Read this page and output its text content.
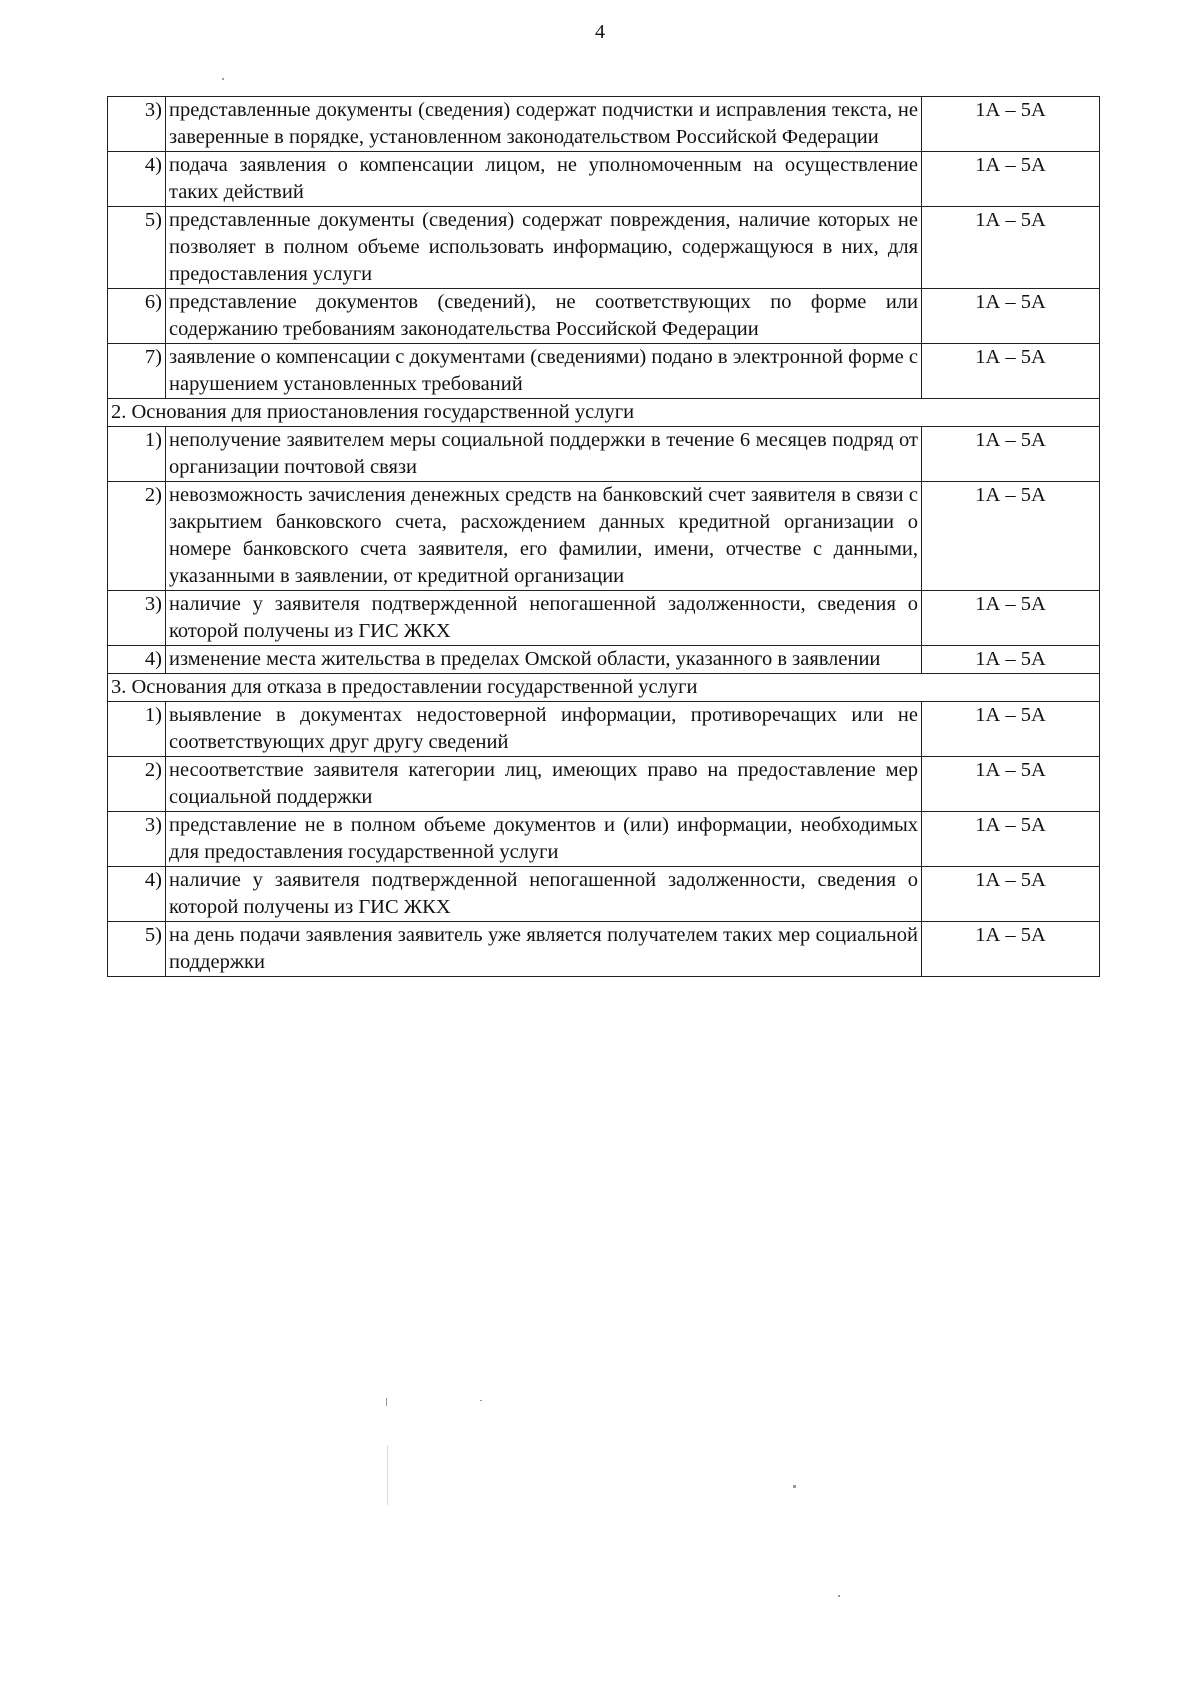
4
3)	представленные документы (сведения) содержат подчистки и исправления текста, не заверенные в порядке, установленном законодательством Российской Федерации	1А – 5А
4)	подача заявления о компенсации лицом, не уполномоченным на осуществление таких действий	1А – 5А
5)	представленные документы (сведения) содержат повреждения, наличие которых не позволяет в полном объеме использовать информацию, содержащуюся в них, для предоставления услуги	1А – 5А
6)	представление документов (сведений), не соответствующих по форме или содержанию требованиям законодательства Российской Федерации	1А – 5А
7)	заявление о компенсации с документами (сведениями) подано в электронной форме с нарушением установленных требований	1А – 5А
2. Основания для приостановления государственной услуги		
1)	неполучение заявителем меры социальной поддержки в течение 6 месяцев подряд от организации почтовой связи	1А – 5А
2)	невозможность зачисления денежных средств на банковский счет заявителя в связи с закрытием банковского счета, расхождением данных кредитной организации о номере банковского счета заявителя, его фамилии, имени, отчестве с данными, указанными в заявлении, от кредитной организации	1А – 5А
3)	наличие у заявителя подтвержденной непогашенной задолженности, сведения о которой получены из ГИС ЖКХ	1А – 5А
4)	изменение места жительства в пределах Омской области, указанного в заявлении	1А – 5А
3. Основания для отказа в предоставлении государственной услуги		
1)	выявление в документах недостоверной информации, противоречащих или не соответствующих друг другу сведений	1А – 5А
2)	несоответствие заявителя категории лиц, имеющих право на предоставление мер социальной поддержки	1А – 5А
3)	представление не в полном объеме документов и (или) информации, необходимых для предоставления государственной услуги	1А – 5А
4)	наличие у заявителя подтвержденной непогашенной задолженности, сведения о которой получены из ГИС ЖКХ	1А – 5А
5)	на день подачи заявления заявитель уже является получателем таких мер социальной поддержки	1А – 5А
